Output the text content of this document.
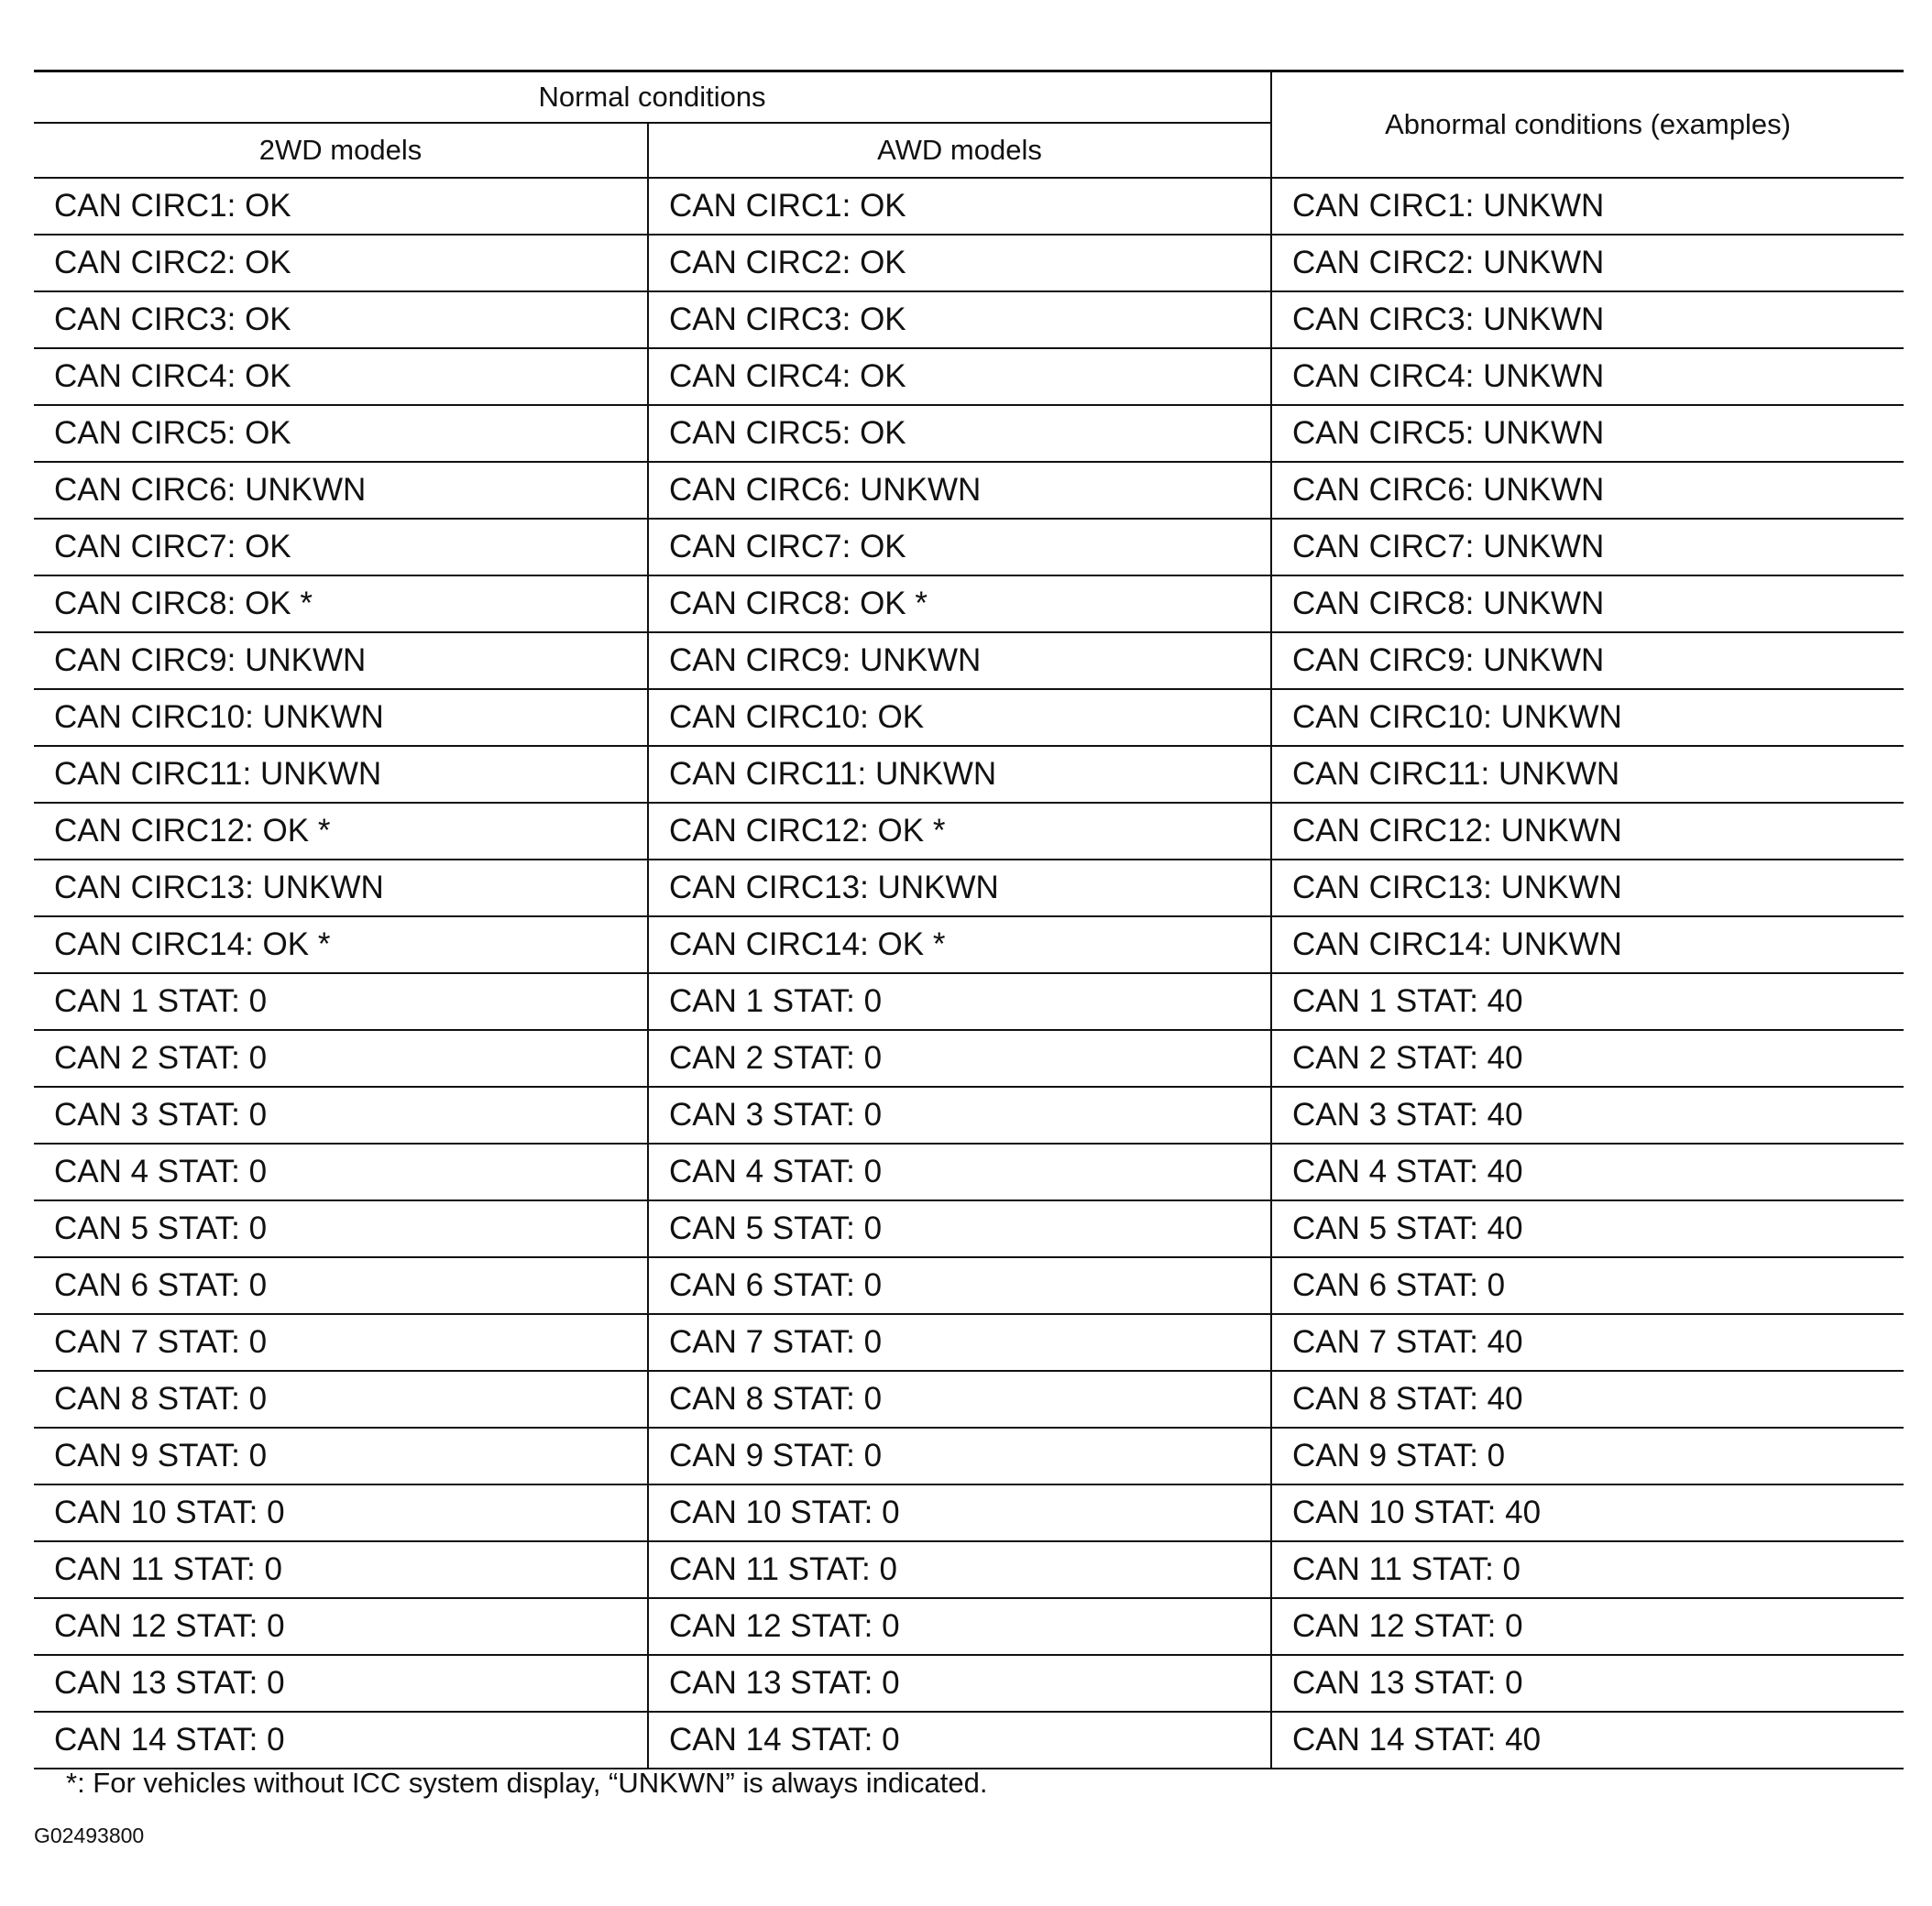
Normal conditions		Abnormal conditions (examples)
2WD models	AWD models	
CAN CIRC1: OK	CAN CIRC1: OK	CAN CIRC1: UNKWN
CAN CIRC2: OK	CAN CIRC2: OK	CAN CIRC2: UNKWN
CAN CIRC3: OK	CAN CIRC3: OK	CAN CIRC3: UNKWN
CAN CIRC4: OK	CAN CIRC4: OK	CAN CIRC4: UNKWN
CAN CIRC5: OK	CAN CIRC5: OK	CAN CIRC5: UNKWN
CAN CIRC6: UNKWN	CAN CIRC6: UNKWN	CAN CIRC6: UNKWN
CAN CIRC7: OK	CAN CIRC7: OK	CAN CIRC7: UNKWN
CAN CIRC8: OK *	CAN CIRC8: OK *	CAN CIRC8: UNKWN
CAN CIRC9: UNKWN	CAN CIRC9: UNKWN	CAN CIRC9: UNKWN
CAN CIRC10: UNKWN	CAN CIRC10: OK	CAN CIRC10: UNKWN
CAN CIRC11: UNKWN	CAN CIRC11: UNKWN	CAN CIRC11: UNKWN
CAN CIRC12: OK *	CAN CIRC12: OK *	CAN CIRC12: UNKWN
CAN CIRC13: UNKWN	CAN CIRC13: UNKWN	CAN CIRC13: UNKWN
CAN CIRC14: OK *	CAN CIRC14: OK *	CAN CIRC14: UNKWN
CAN 1 STAT: 0	CAN 1 STAT: 0	CAN 1 STAT: 40
CAN 2 STAT: 0	CAN 2 STAT: 0	CAN 2 STAT: 40
CAN 3 STAT: 0	CAN 3 STAT: 0	CAN 3 STAT: 40
CAN 4 STAT: 0	CAN 4 STAT: 0	CAN 4 STAT: 40
CAN 5 STAT: 0	CAN 5 STAT: 0	CAN 5 STAT: 40
CAN 6 STAT: 0	CAN 6 STAT: 0	CAN 6 STAT: 0
CAN 7 STAT: 0	CAN 7 STAT: 0	CAN 7 STAT: 40
CAN 8 STAT: 0	CAN 8 STAT: 0	CAN 8 STAT: 40
CAN 9 STAT: 0	CAN 9 STAT: 0	CAN 9 STAT: 0
CAN 10 STAT: 0	CAN 10 STAT: 0	CAN 10 STAT: 40
CAN 11 STAT: 0	CAN 11 STAT: 0	CAN 11 STAT: 0
CAN 12 STAT: 0	CAN 12 STAT: 0	CAN 12 STAT: 0
CAN 13 STAT: 0	CAN 13 STAT: 0	CAN 13 STAT: 0
CAN 14 STAT: 0	CAN 14 STAT: 0	CAN 14 STAT: 40
*: For vehicles without ICC system display, “UNKWN” is always indicated.
G02493800
